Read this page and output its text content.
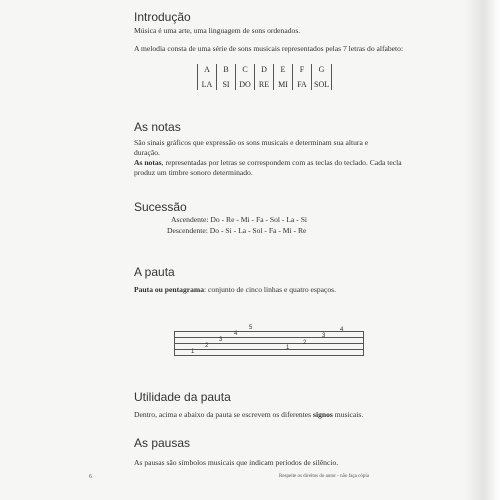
Introdução

Música é uma arte, uma linguagem de sons ordenados.

A melodia consta de uma série de sons musicais representados pelas 7 letras do alfabeto:

A	B	C	D	E	F	G
LA	SI	DO	RE	MI	FA	SOL
As notas

São sinais gráficos que expressão os sons musicais e determinam sua altura e duração.

As notas, representadas por letras se correspondem com as teclas do teclado. Cada tecla produz um timbre sonoro determinado.

Sucessão

Ascendente: Do - Re - Mi - Fa - Sol - La - Si

Descendente: Do - Si - La - Sol - Fa - Mi - Re

A pauta

Pauta ou pentagrama: conjunto de cinco linhas e quatro espaços.

1
2
3
4
5
1
2
3
4
Utilidade da pauta

Dentro, acima e abaixo da pauta se escrevem os diferentes signos musicais.

As pausas

As pausas são símbolos musicais que indicam períodos de silêncio.

6	Respeite os direitos do autor - não faça cópia
